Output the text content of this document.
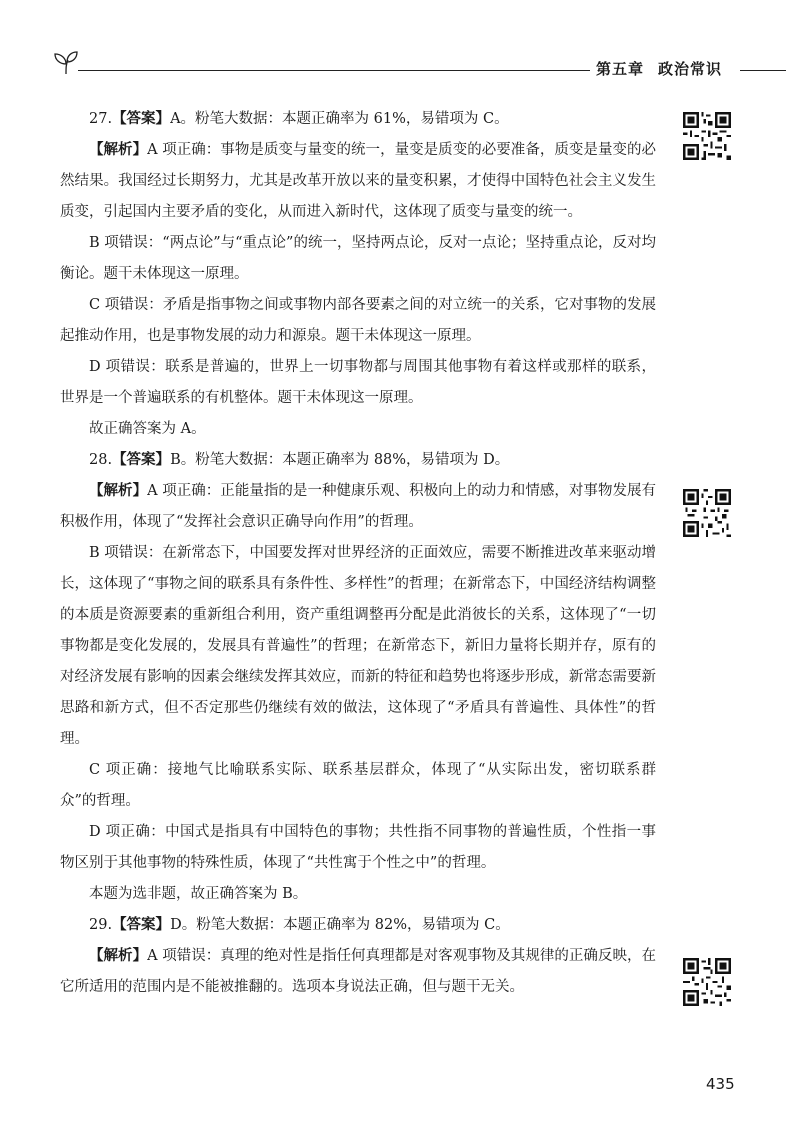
第五章 政治常识

27.【答案】A。粉笔大数据：本题正确率为 61%，易错项为 C。

【解析】A 项正确：事物是质变与量变的统一，量变是质变的必要准备，质变是量变的必然结果。我国经过长期努力，尤其是改革开放以来的量变积累，才使得中国特色社会主义发生质变，引起国内主要矛盾的变化，从而进入新时代，这体现了质变与量变的统一。

B 项错误：“两点论”与“重点论”的统一，坚持两点论，反对一点论；坚持重点论，反对均衡论。题干未体现这一原理。

C 项错误：矛盾是指事物之间或事物内部各要素之间的对立统一的关系，它对事物的发展起推动作用，也是事物发展的动力和源泉。题干未体现这一原理。

D 项错误：联系是普遍的，世界上一切事物都与周围其他事物有着这样或那样的联系，世界是一个普遍联系的有机整体。题干未体现这一原理。

故正确答案为 A。

28.【答案】B。粉笔大数据：本题正确率为 88%，易错项为 D。

【解析】A 项正确：正能量指的是一种健康乐观、积极向上的动力和情感，对事物发展有积极作用，体现了“发挥社会意识正确导向作用”的哲理。

B 项错误：在新常态下，中国要发挥对世界经济的正面效应，需要不断推进改革来驱动增长，这体现了“事物之间的联系具有条件性、多样性”的哲理；在新常态下，中国经济结构调整的本质是资源要素的重新组合利用，资产重组调整再分配是此消彼长的关系，这体现了“一切事物都是变化发展的，发展具有普遍性”的哲理；在新常态下，新旧力量将长期并存，原有的对经济发展有影响的因素会继续发挥其效应，而新的特征和趋势也将逐步形成，新常态需要新思路和新方式，但不否定那些仍继续有效的做法，这体现了“矛盾具有普遍性、具体性”的哲理。

C 项正确：接地气比喻联系实际、联系基层群众，体现了“从实际出发，密切联系群众”的哲理。

D 项正确：中国式是指具有中国特色的事物；共性指不同事物的普遍性质，个性指一事物区别于其他事物的特殊性质，体现了“共性寓于个性之中”的哲理。

本题为选非题，故正确答案为 B。

29.【答案】D。粉笔大数据：本题正确率为 82%，易错项为 C。

【解析】A 项错误：真理的绝对性是指任何真理都是对客观事物及其规律的正确反映，在它所适用的范围内是不能被推翻的。选项本身说法正确，但与题干无关。

435
